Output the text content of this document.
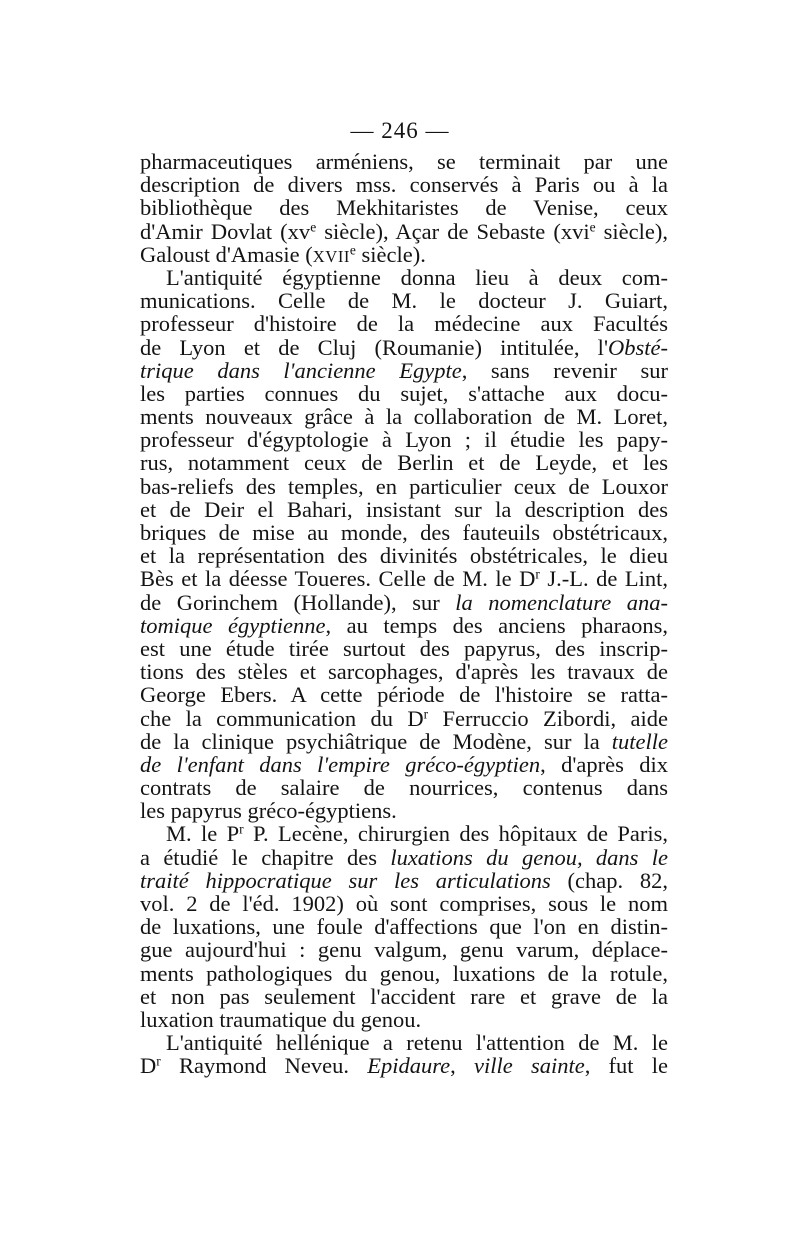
— 246 —
pharmaceutiques arméniens, se terminait par une
description de divers mss. conservés à Paris ou à la
bibliothèque des Mekhitaristes de Venise, ceux
d'Amir Dovlat ($xv^e$ siècle), Açar de Sebaste (xvi$^e$ siècle),
Galoust d'Amasie (XVIIe siècle).
L'antiquité égyptienne donna lieu à deux com-
munications. Celle de M. le docteur J. Guiart,
professeur d'histoire de la médecine aux Facultés
de Lyon et de Cluj (Roumanie) intitulée, l'Obsté-
trique dans l'ancienne Egypte, sans revenir sur
les parties connues du sujet, s'attache aux docu-
ments nouveaux grâce à la collaboration de M. Loret,
professeur d'égyptologie à Lyon ; il étudie les papy-
rus, notamment ceux de Berlin et de Leyde, et les
bas-reliefs des temples, en particulier ceux de Louxor
et de Deir el Bahari, insistant sur la description des
briques de mise au monde, des fauteuils obstétricaux,
et la représentation des divinités obstétricales, le dieu
Bès et la déesse Toueres. Celle de M. le $D^r$ J.-L. de Lint,
de Gorinchem (Hollande), sur la nomenclature ana-
tomique égyptienne, au temps des anciens pharaons,
est une étude tirée surtout des papyrus, des inscrip-
tions des stèles et sarcophages, d'après les travaux de
George Ebers. A cette période de l'histoire se ratta-
che la communication du $D^r$ Ferruccio Zibordi, aide
de la clinique psychiâtrique de Modène, sur la tutelle
de l'enfant dans l'empire gréco-égyptien, d'après dix
contrats de salaire de nourrices, contenus dans
les papyrus gréco-égyptiens.
M. le $P^r$ P. Lecène, chirurgien des hôpitaux de Paris,
a étudié le chapitre des luxations du genou, dans le
traité hippocratique sur les articulations (chap. 82,
vol. 2 de l'éd. 1902) où sont comprises, sous le nom
de luxations, une foule d'affections que l'on en distin-
gue aujourd'hui : genu valgum, genu varum, déplace-
ments pathologiques du genou, luxations de la rotule,
et non pas seulement l'accident rare et grave de la
luxation traumatique du genou.
L'antiquité hellénique a retenu l'attention de M. le
$D^r$ Raymond Neveu. Epidaure, ville sainte, fut le
